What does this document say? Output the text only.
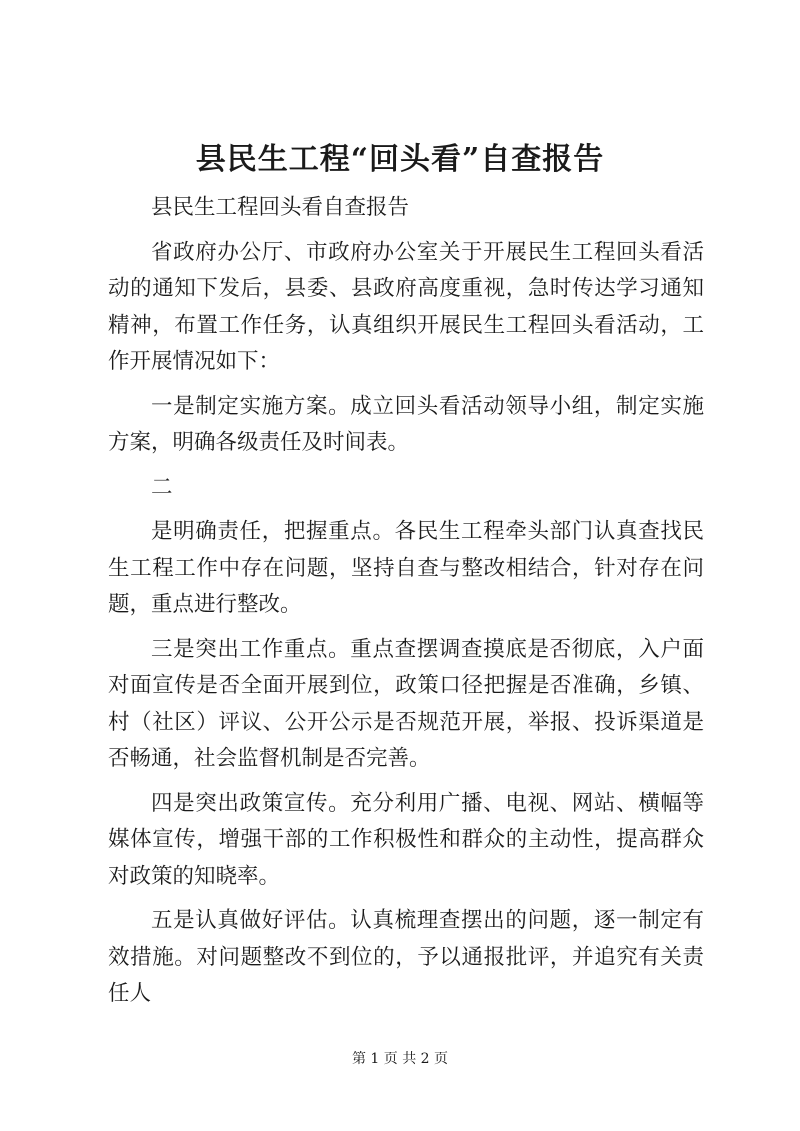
县民生工程“回头看”自查报告

县民生工程回头看自查报告

省政府办公厅、市政府办公室关于开展民生工程回头看活动的通知下发后，县委、县政府高度重视，急时传达学习通知精神，布置工作任务，认真组织开展民生工程回头看活动，工作开展情况如下：

一是制定实施方案。成立回头看活动领导小组，制定实施方案，明确各级责任及时间表。

二

是明确责任，把握重点。各民生工程牵头部门认真查找民生工程工作中存在问题，坚持自查与整改相结合，针对存在问题，重点进行整改。

三是突出工作重点。重点查摆调查摸底是否彻底，入户面对面宣传是否全面开展到位，政策口径把握是否准确，乡镇、村（社区）评议、公开公示是否规范开展，举报、投诉渠道是否畅通，社会监督机制是否完善。

四是突出政策宣传。充分利用广播、电视、网站、横幅等媒体宣传，增强干部的工作积极性和群众的主动性，提高群众对政策的知晓率。

五是认真做好评估。认真梳理查摆出的问题，逐一制定有效措施。对问题整改不到位的，予以通报批评，并追究有关责任人

第 1 页 共 2 页
